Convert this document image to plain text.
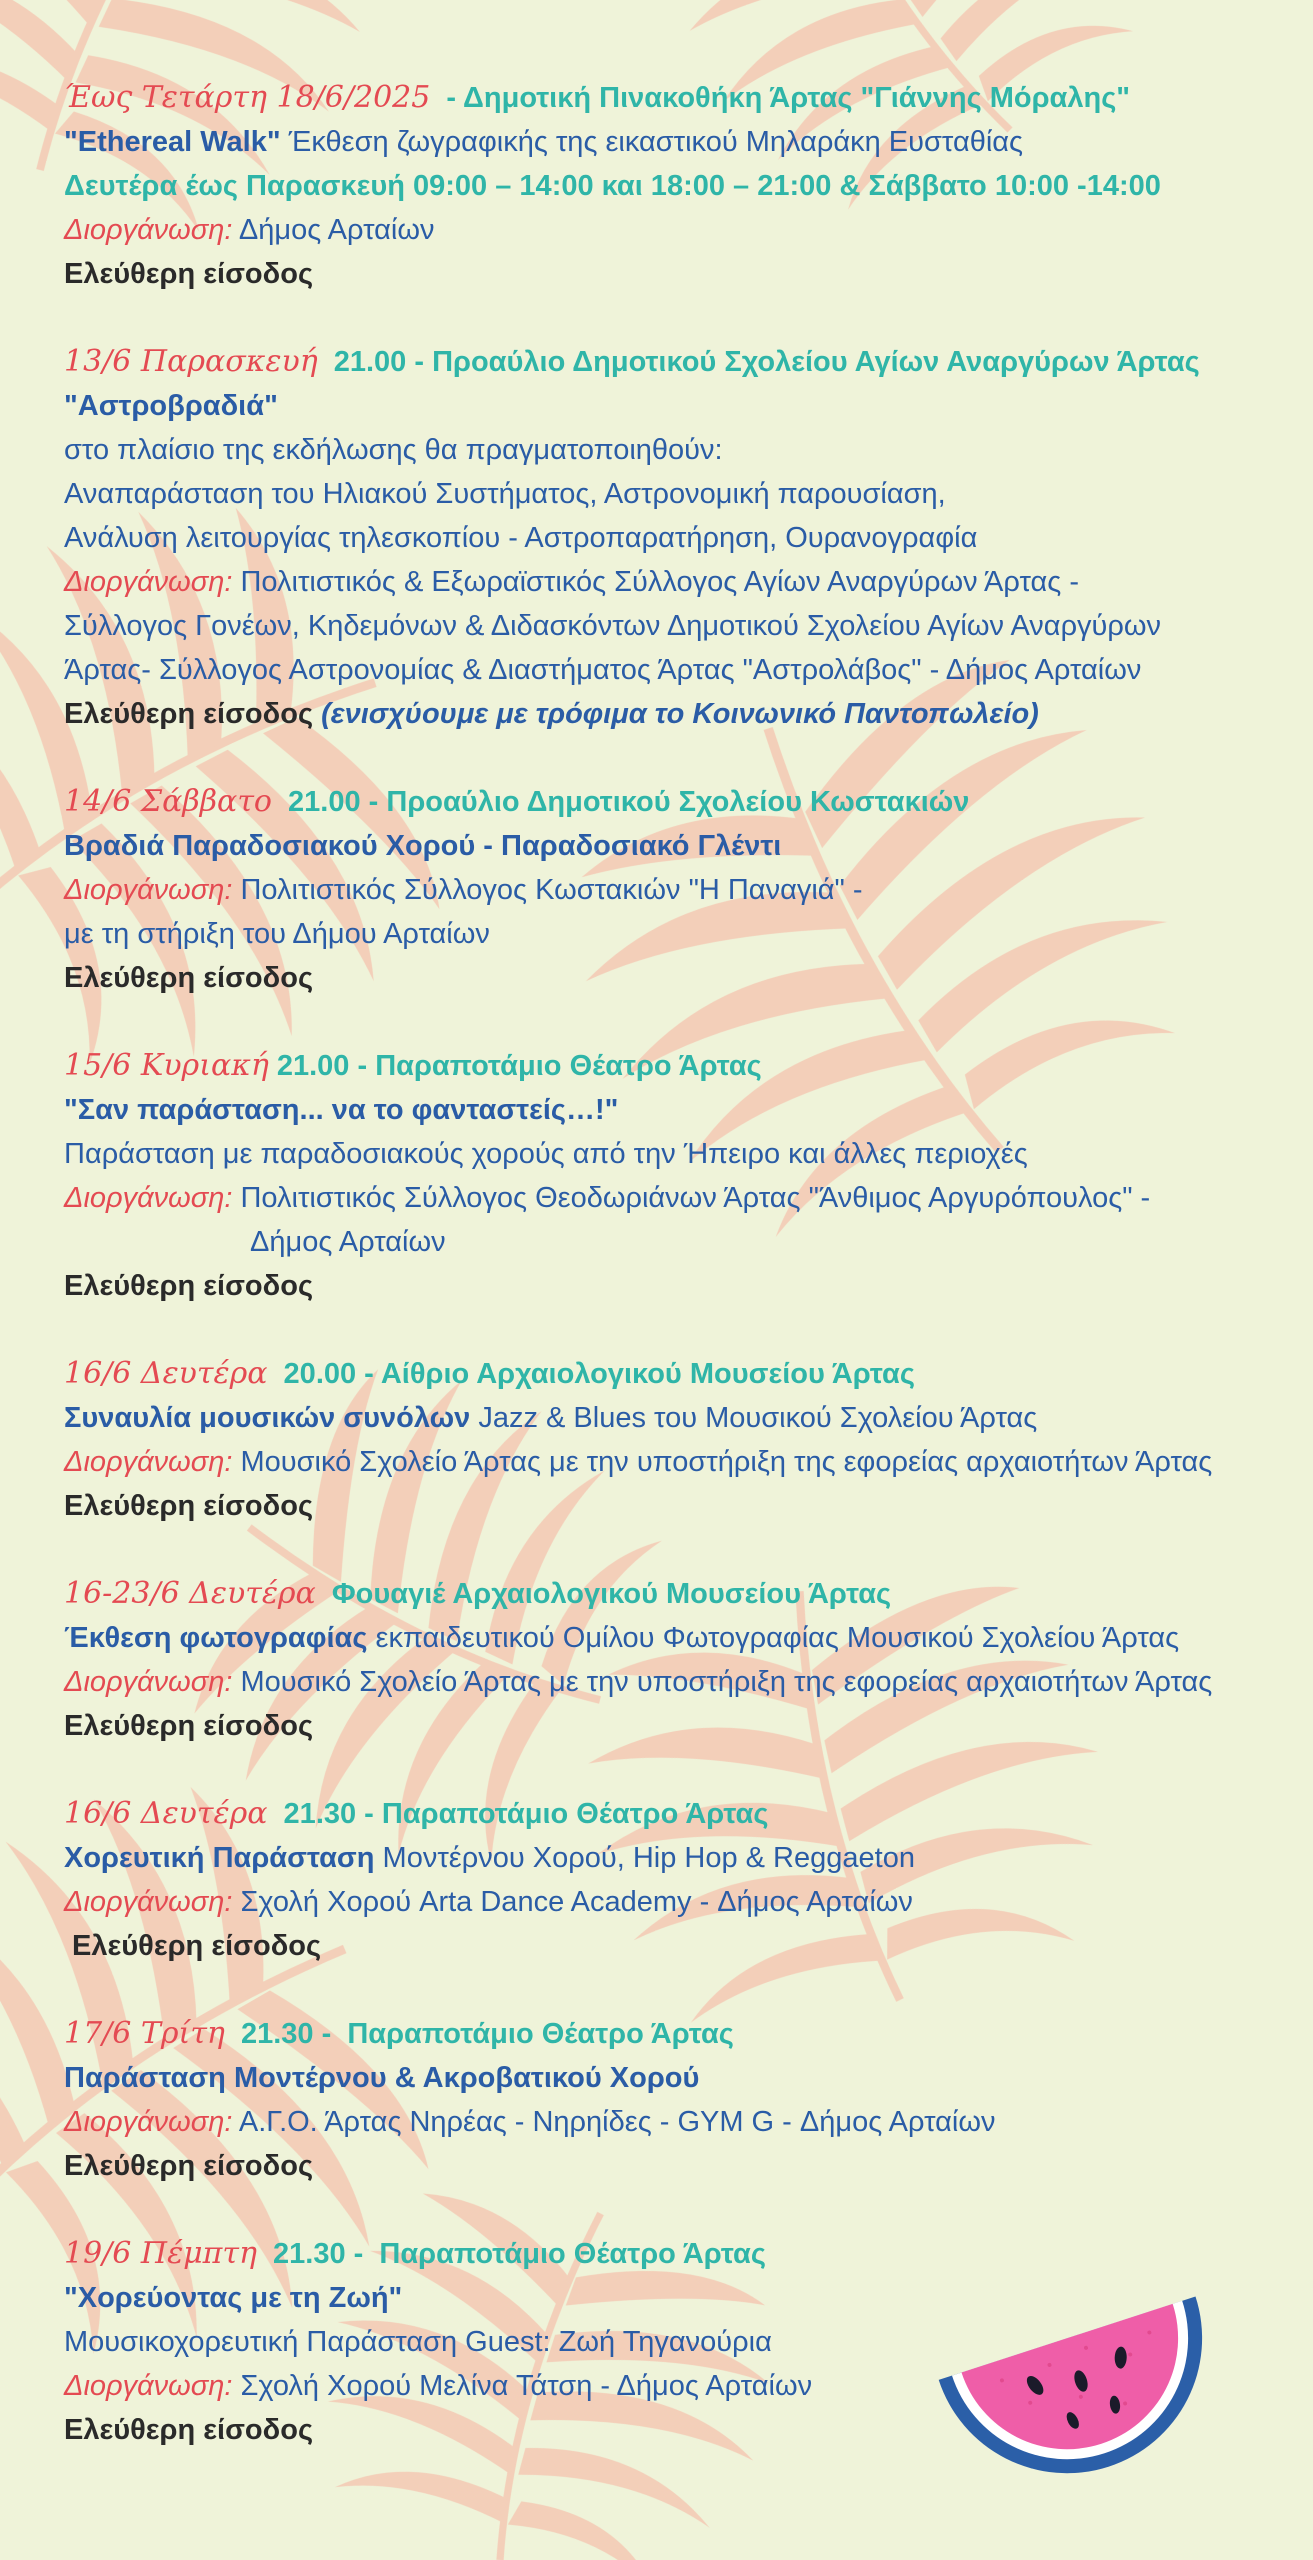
Έως Τετάρτη 18/6/2025 - Δημοτική Πινακοθήκη Άρτας "Γιάννης Μόραλης"
"Ethereal Walk" Έκθεση ζωγραφικής της εικαστικού Μηλαράκη Ευσταθίας
Δευτέρα έως Παρασκευή 09:00 – 14:00 και 18:00 – 21:00 & Σάββατο 10:00 -14:00
Διοργάνωση: Δήμος Αρταίων
Ελεύθερη είσοδος
13/6 Παρασκευή 21.00 - Προαύλιο Δημοτικού Σχολείου Αγίων Αναργύρων Άρτας
"Αστροβραδιά"
στο πλαίσιο της εκδήλωσης θα πραγματοποιηθούν:
Αναπαράσταση του Ηλιακού Συστήματος, Αστρονομική παρουσίαση,
Ανάλυση λειτουργίας τηλεσκοπίου - Αστροπαρατήρηση, Ουρανογραφία
Διοργάνωση: Πολιτιστικός & Εξωραϊστικός Σύλλογος Αγίων Αναργύρων Άρτας -
Σύλλογος Γονέων, Κηδεμόνων & Διδασκόντων Δημοτικού Σχολείου Αγίων Αναργύρων
Άρτας- Σύλλογος Αστρονομίας & Διαστήματος Άρτας "Αστρολάβος" - Δήμος Αρταίων
Ελεύθερη είσοδος (ενισχύουμε με τρόφιμα το Κοινωνικό Παντοπωλείο)
14/6 Σάββατο 21.00 - Προαύλιο Δημοτικού Σχολείου Κωστακιών
Βραδιά Παραδοσιακού Χορού - Παραδοσιακό Γλέντι
Διοργάνωση: Πολιτιστικός Σύλλογος Κωστακιών "Η Παναγιά" -
με τη στήριξη του Δήμου Αρταίων
Ελεύθερη είσοδος
15/6 Κυριακή 21.00 - Παραποτάμιο Θέατρο Άρτας
"Σαν παράσταση... να το φανταστείς…!"
Παράσταση με παραδοσιακούς χορούς από την Ήπειρο και άλλες περιοχές
Διοργάνωση: Πολιτιστικός Σύλλογος Θεοδωριάνων Άρτας "Άνθιμος Αργυρόπουλος" -
Δήμος Αρταίων
Ελεύθερη είσοδος
16/6 Δευτέρα 20.00 - Αίθριο Αρχαιολογικού Μουσείου Άρτας
Συναυλία μουσικών συνόλων Jazz & Blues του Μουσικού Σχολείου Άρτας
Διοργάνωση: Μουσικό Σχολείο Άρτας με την υποστήριξη της εφορείας αρχαιοτήτων Άρτας
Ελεύθερη είσοδος
16-23/6 Δευτέρα Φουαγιέ Αρχαιολογικού Μουσείου Άρτας
Έκθεση φωτογραφίας εκπαιδευτικού Ομίλου Φωτογραφίας Μουσικού Σχολείου Άρτας
Διοργάνωση: Μουσικό Σχολείο Άρτας με την υποστήριξη της εφορείας αρχαιοτήτων Άρτας
Ελεύθερη είσοδος
16/6 Δευτέρα 21.30 - Παραποτάμιο Θέατρο Άρτας
Χορευτική Παράσταση Μοντέρνου Χορού, Hip Hop & Reggaeton
Διοργάνωση: Σχολή Χορού Arta Dance Academy - Δήμος Αρταίων
Ελεύθερη είσοδος
17/6 Τρίτη 21.30 -  Παραποτάμιο Θέατρο Άρτας
Παράσταση Μοντέρνου & Ακροβατικού Χορού
Διοργάνωση: Α.Γ.Ο. Άρτας Νηρέας - Νηρηίδες - GYM G - Δήμος Αρταίων
Ελεύθερη είσοδος
19/6 Πέμπτη 21.30 -  Παραποτάμιο Θέατρο Άρτας
"Χορεύοντας με τη Ζωή"
Μουσικοχορευτική Παράσταση Guest: Ζωή Τηγανούρια
Διοργάνωση: Σχολή Χορού Μελίνα Τάτση - Δήμος Αρταίων
Ελεύθερη είσοδος
